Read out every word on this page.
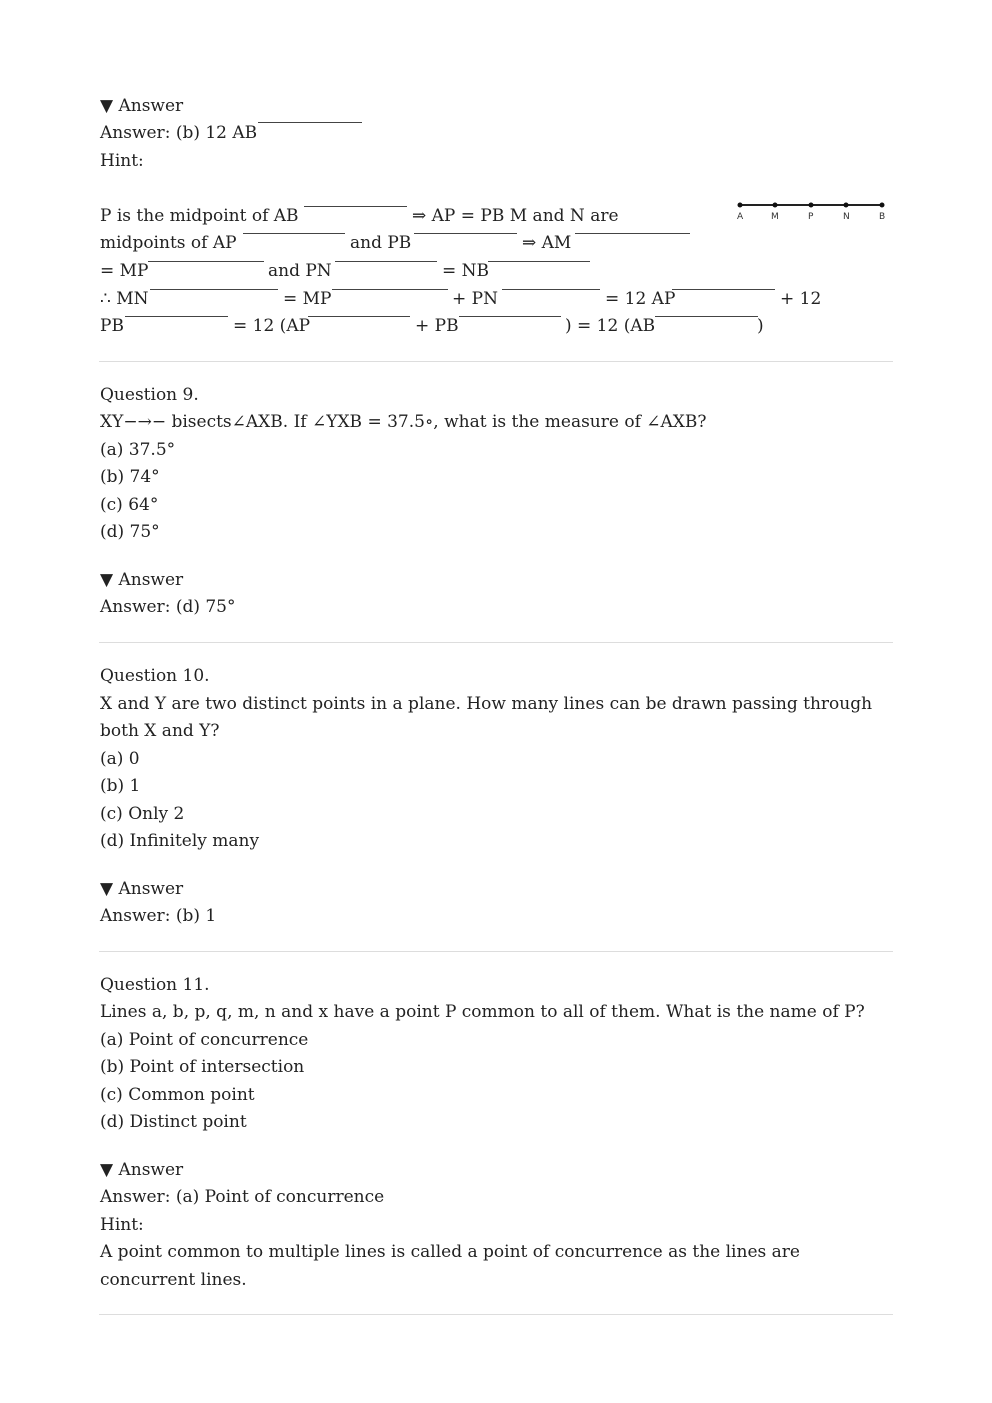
▼ Answer
Answer: (b) 12 AB
Hint:
P is the midpoint of AB	⇒ AP = PB M and N are
midpoints of AP	and PB	⇒ AM
= MP	and PN	= NB
∴ MN	= MP	+ PN	= 12 AP	+ 12
PB	= 12 (AP	+ PB	) = 12 (AB	)
A	M	P	N	B
Question 9.
XY−→− bisects∠AXB. If ∠YXB = 37.5∘, what is the measure of ∠AXB?
(a) 37.5°
(b) 74°
(c) 64°
(d) 75°
▼ Answer
Answer: (d) 75°
Question 10.
X and Y are two distinct points in a plane. How many lines can be drawn passing through
both X and Y?
(a) 0
(b) 1
(c) Only 2
(d) Infinitely many
▼ Answer
Answer: (b) 1
Question 11.
Lines a, b, p, q, m, n and x have a point P common to all of them. What is the name of P?
(a) Point of concurrence
(b) Point of intersection
(c) Common point
(d) Distinct point
▼ Answer
Answer: (a) Point of concurrence
Hint:
A point common to multiple lines is called a point of concurrence as the lines are
concurrent lines.
